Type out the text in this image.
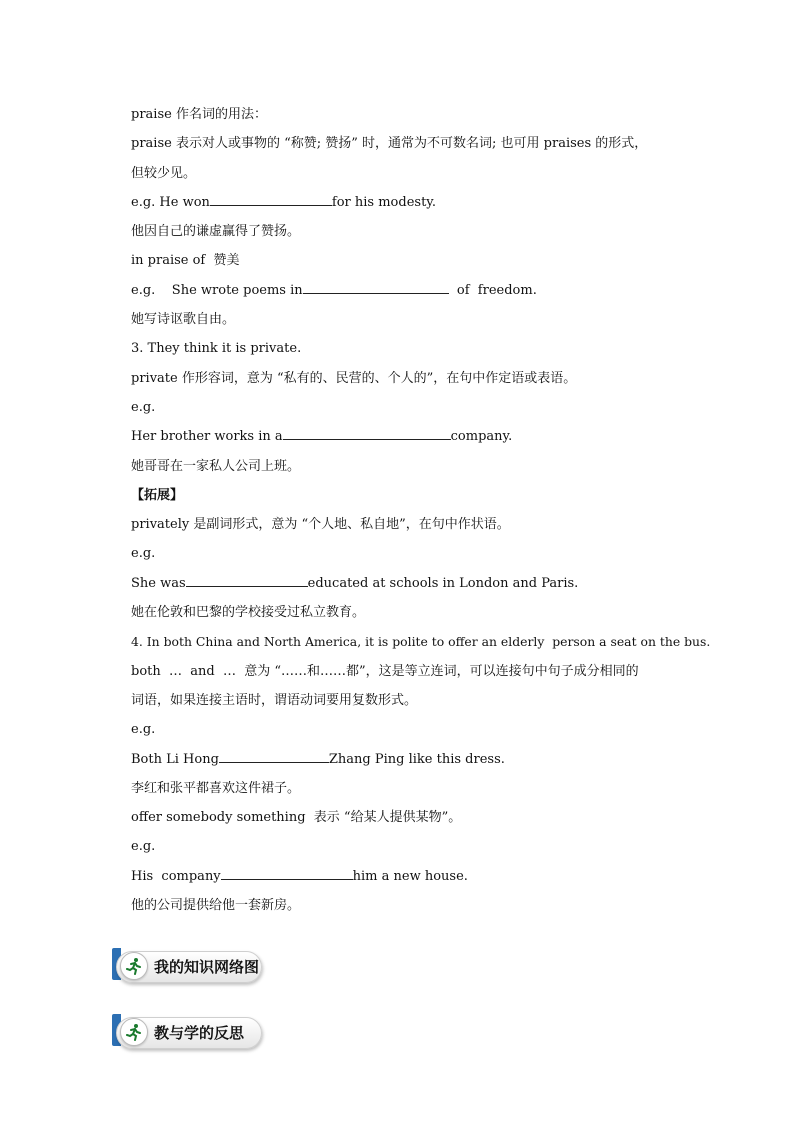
praise 作名词的用法：

praise 表示对人或事物的 “称赞; 赞扬” 时，通常为不可数名词; 也可用 praises 的形式，

但较少见。

e.g. He won	for his modesty.

他因自己的谦虚赢得了赞扬。

in praise of  赞美

e.g.    She wrote poems in	of  freedom.

她写诗讴歌自由。

3. They think it is private.

private 作形容词，意为 “私有的、民营的、个人的”，在句中作定语或表语。

e.g.

Her brother works in a	company.

她哥哥在一家私人公司上班。

【拓展】

privately 是副词形式，意为 “个人地、私自地”，在句中作状语。

e.g.

She was	educated at schools in London and Paris.

她在伦敦和巴黎的学校接受过私立教育。

4. In both China and North America, it is polite to offer an elderly  person a seat on the bus.

both  …  and  …  意为 “……和……都”，这是等立连词，可以连接句中句子成分相同的

词语，如果连接主语时，谓语动词要用复数形式。

e.g.

Both Li Hong	Zhang Ping like this dress.

李红和张平都喜欢这件裙子。

offer somebody something  表示 “给某人提供某物”。

e.g.

His  company	him a new house.

他的公司提供给他一套新房。

我的知识网络图
教与学的反思
